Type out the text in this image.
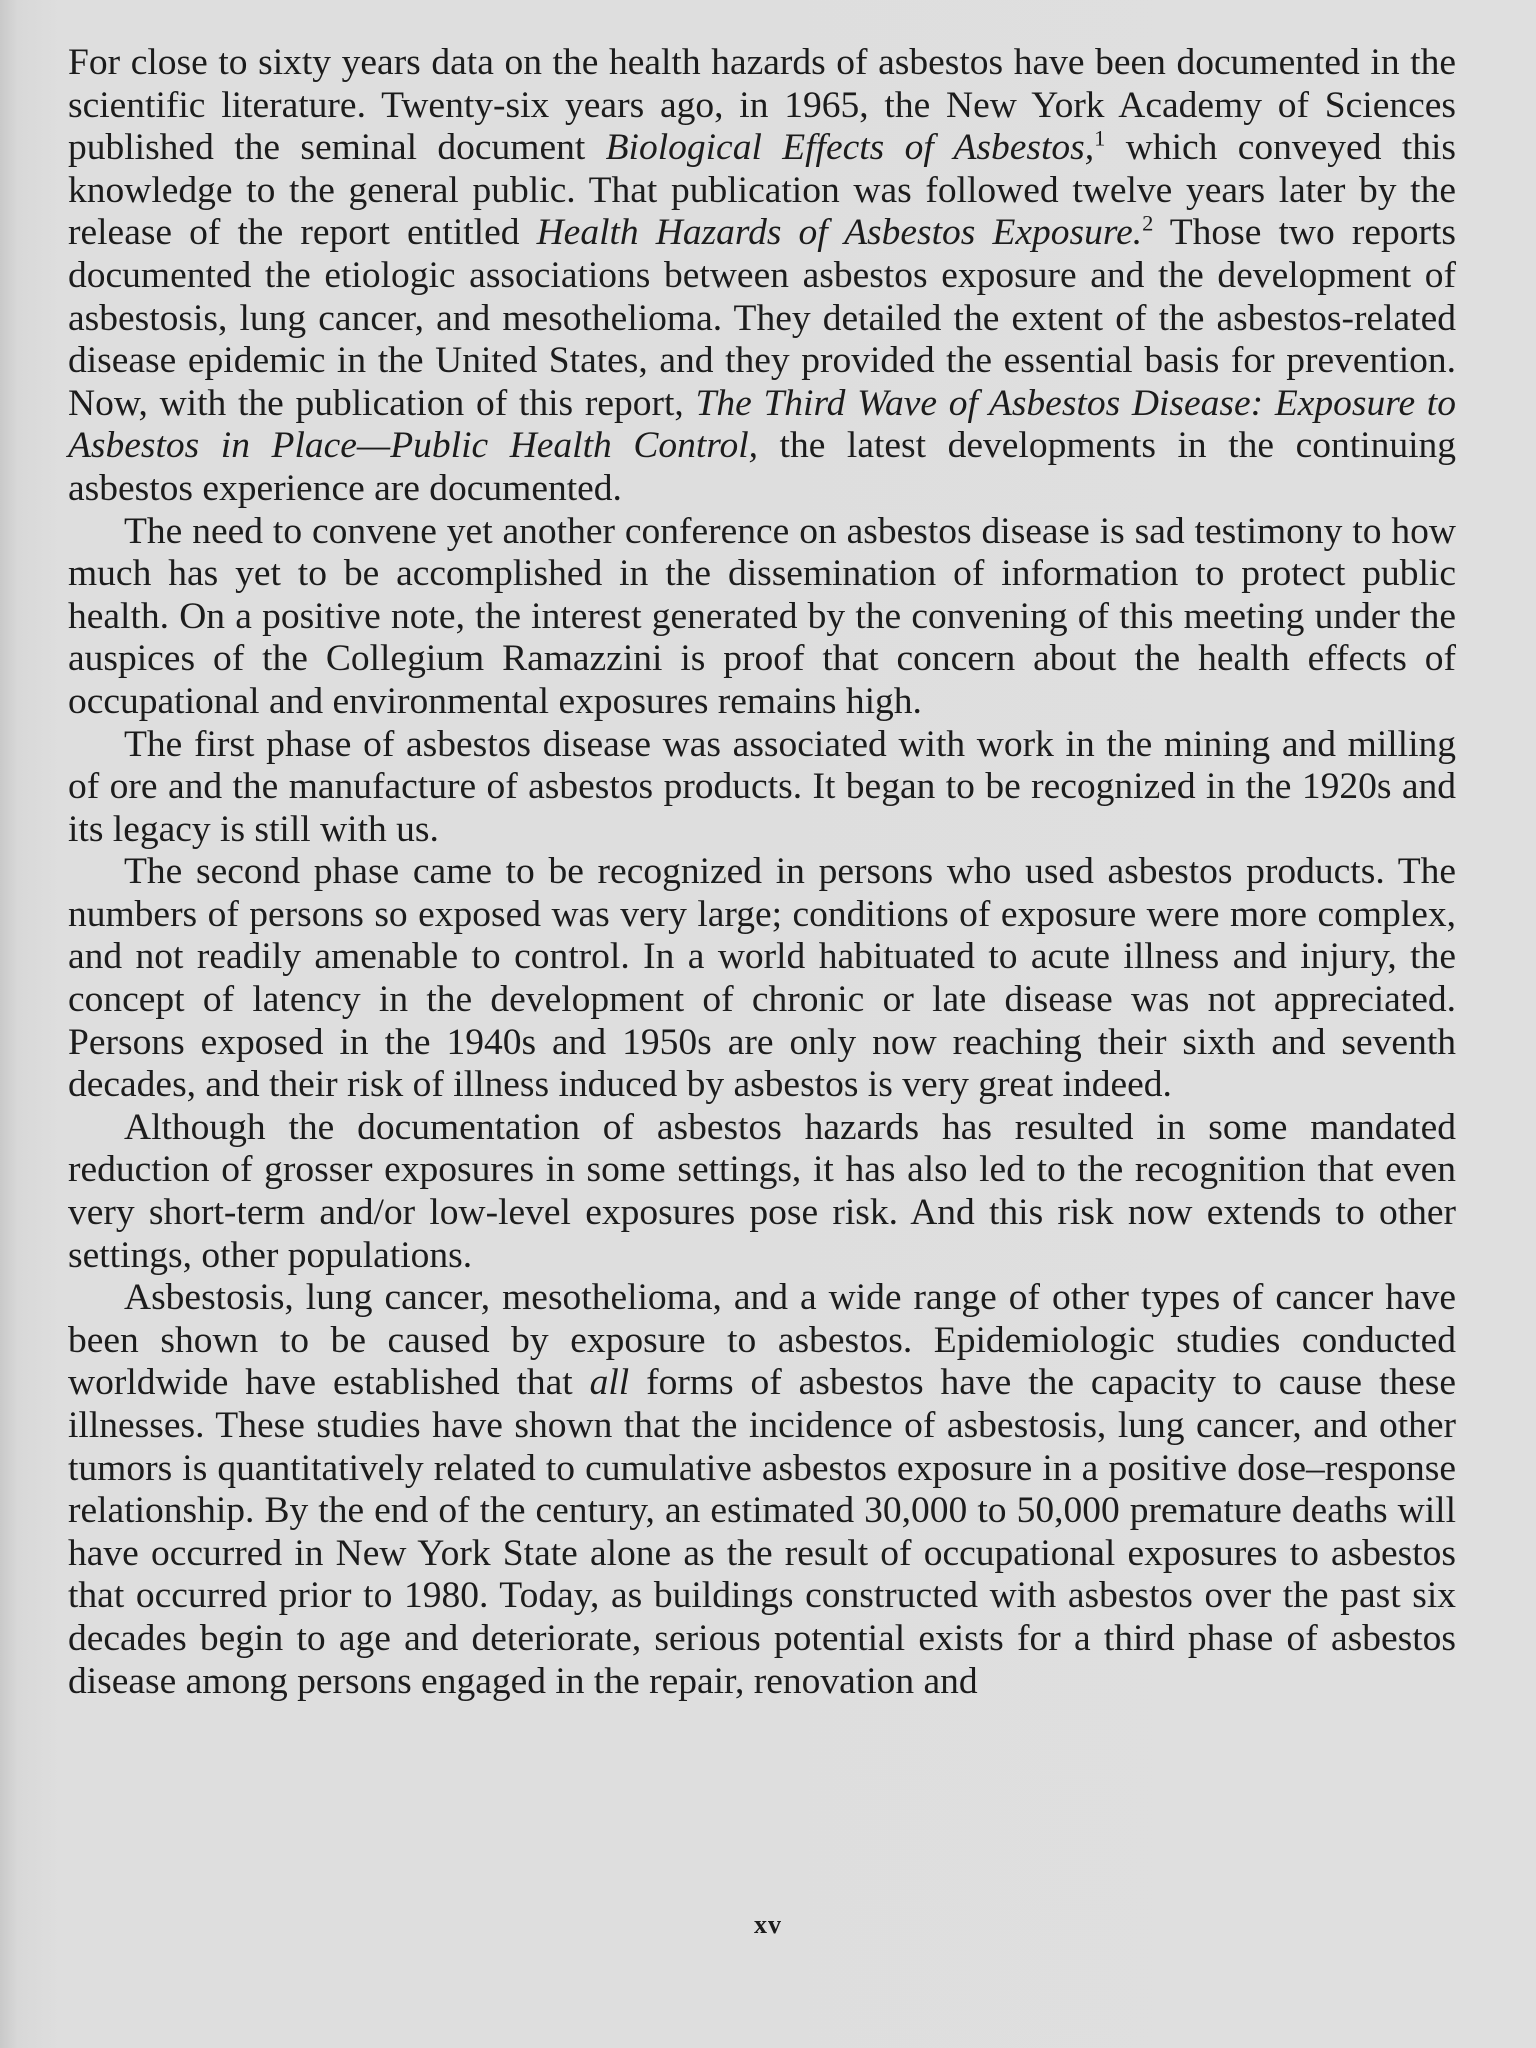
For close to sixty years data on the health hazards of asbestos have been documented in the scientific literature. Twenty-six years ago, in 1965, the New York Academy of Sciences published the seminal document Biological Effects of Asbestos,$^1$ which conveyed this knowledge to the general public. That publication was followed twelve years later by the release of the report entitled Health Hazards of Asbestos Exposure.$^2$ Those two reports documented the etiologic associations between asbestos exposure and the development of asbestosis, lung cancer, and mesothelioma. They detailed the extent of the asbestos-related disease epidemic in the United States, and they provided the essential basis for prevention. Now, with the publication of this report, The Third Wave of Asbestos Disease: Exposure to Asbestos in Place—Public Health Control, the latest developments in the continuing asbestos experience are documented.

The need to convene yet another conference on asbestos disease is sad testimony to how much has yet to be accomplished in the dissemination of information to protect public health. On a positive note, the interest generated by the convening of this meeting under the auspices of the Collegium Ramazzini is proof that concern about the health effects of occupational and environmental exposures remains high.

The first phase of asbestos disease was associated with work in the mining and milling of ore and the manufacture of asbestos products. It began to be recognized in the 1920s and its legacy is still with us.

The second phase came to be recognized in persons who used asbestos products. The numbers of persons so exposed was very large; conditions of exposure were more complex, and not readily amenable to control. In a world habituated to acute illness and injury, the concept of latency in the development of chronic or late disease was not appreciated. Persons exposed in the 1940s and 1950s are only now reaching their sixth and seventh decades, and their risk of illness induced by asbestos is very great indeed.

Although the documentation of asbestos hazards has resulted in some mandated reduction of grosser exposures in some settings, it has also led to the recognition that even very short-term and/or low-level exposures pose risk. And this risk now extends to other settings, other populations.

Asbestosis, lung cancer, mesothelioma, and a wide range of other types of cancer have been shown to be caused by exposure to asbestos. Epidemiologic studies conducted worldwide have established that all forms of asbestos have the capacity to cause these illnesses. These studies have shown that the incidence of asbestosis, lung cancer, and other tumors is quantitatively related to cumulative asbestos exposure in a positive dose–response relationship. By the end of the century, an estimated 30,000 to 50,000 premature deaths will have occurred in New York State alone as the result of occupational exposures to asbestos that occurred prior to 1980. Today, as buildings constructed with asbestos over the past six decades begin to age and deteriorate, serious potential exists for a third phase of asbestos disease among persons engaged in the repair, renovation and

xv
